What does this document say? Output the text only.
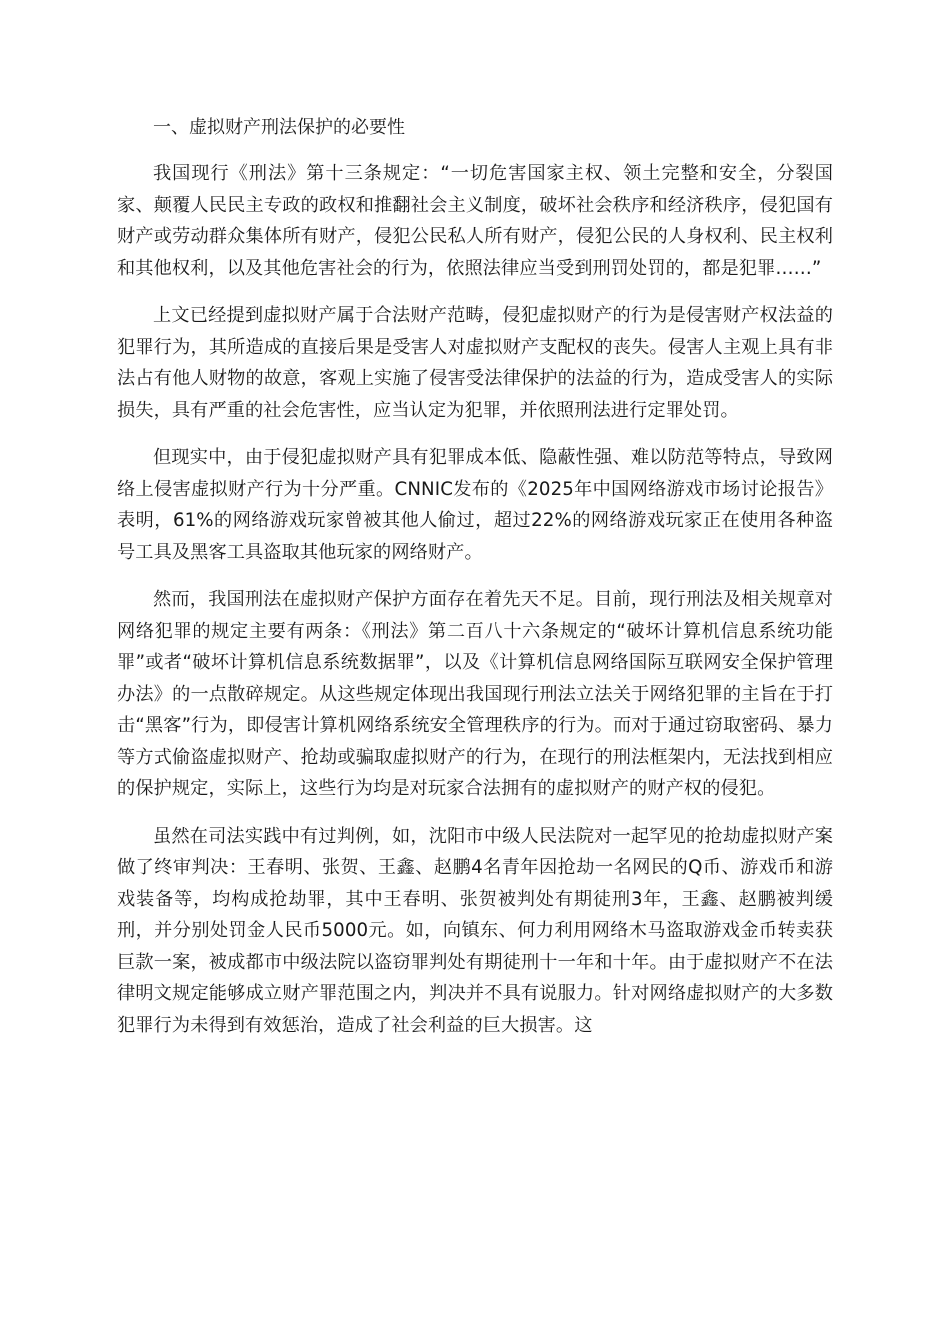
一、虚拟财产刑法保护的必要性

我国现行《刑法》第十三条规定：“一切危害国家主权、领土完整和安全，分裂国家、颠覆人民民主专政的政权和推翻社会主义制度，破坏社会秩序和经济秩序，侵犯国有财产或劳动群众集体所有财产，侵犯公民私人所有财产，侵犯公民的人身权利、民主权利和其他权利，以及其他危害社会的行为，依照法律应当受到刑罚处罚的，都是犯罪……”

上文已经提到虚拟财产属于合法财产范畴，侵犯虚拟财产的行为是侵害财产权法益的犯罪行为，其所造成的直接后果是受害人对虚拟财产支配权的丧失。侵害人主观上具有非法占有他人财物的故意，客观上实施了侵害受法律保护的法益的行为，造成受害人的实际损失，具有严重的社会危害性，应当认定为犯罪，并依照刑法进行定罪处罚。

但现实中，由于侵犯虚拟财产具有犯罪成本低、隐蔽性强、难以防范等特点，导致网络上侵害虚拟财产行为十分严重。CNNIC发布的《2025年中国网络游戏市场讨论报告》表明，61%的网络游戏玩家曾被其他人偷过，超过22%的网络游戏玩家正在使用各种盗号工具及黑客工具盗取其他玩家的网络财产。

然而，我国刑法在虚拟财产保护方面存在着先天不足。目前，现行刑法及相关规章对网络犯罪的规定主要有两条：《刑法》第二百八十六条规定的“破坏计算机信息系统功能罪”或者“破坏计算机信息系统数据罪”，以及《计算机信息网络国际互联网安全保护管理办法》的一点散碎规定。从这些规定体现出我国现行刑法立法关于网络犯罪的主旨在于打击“黑客”行为，即侵害计算机网络系统安全管理秩序的行为。而对于通过窃取密码、暴力等方式偷盗虚拟财产、抢劫或骗取虚拟财产的行为，在现行的刑法框架内，无法找到相应的保护规定，实际上，这些行为均是对玩家合法拥有的虚拟财产的财产权的侵犯。

虽然在司法实践中有过判例，如，沈阳市中级人民法院对一起罕见的抢劫虚拟财产案做了终审判决：王春明、张贺、王鑫、赵鹏4名青年因抢劫一名网民的Q币、游戏币和游戏装备等，均构成抢劫罪，其中王春明、张贺被判处有期徒刑3年，王鑫、赵鹏被判缓刑，并分别处罚金人民币5000元。如，向镇东、何力利用网络木马盗取游戏金币转卖获巨款一案，被成都市中级法院以盗窃罪判处有期徒刑十一年和十年。由于虚拟财产不在法律明文规定能够成立财产罪范围之内，判决并不具有说服力。针对网络虚拟财产的大多数犯罪行为未得到有效惩治，造成了社会利益的巨大损害。这
